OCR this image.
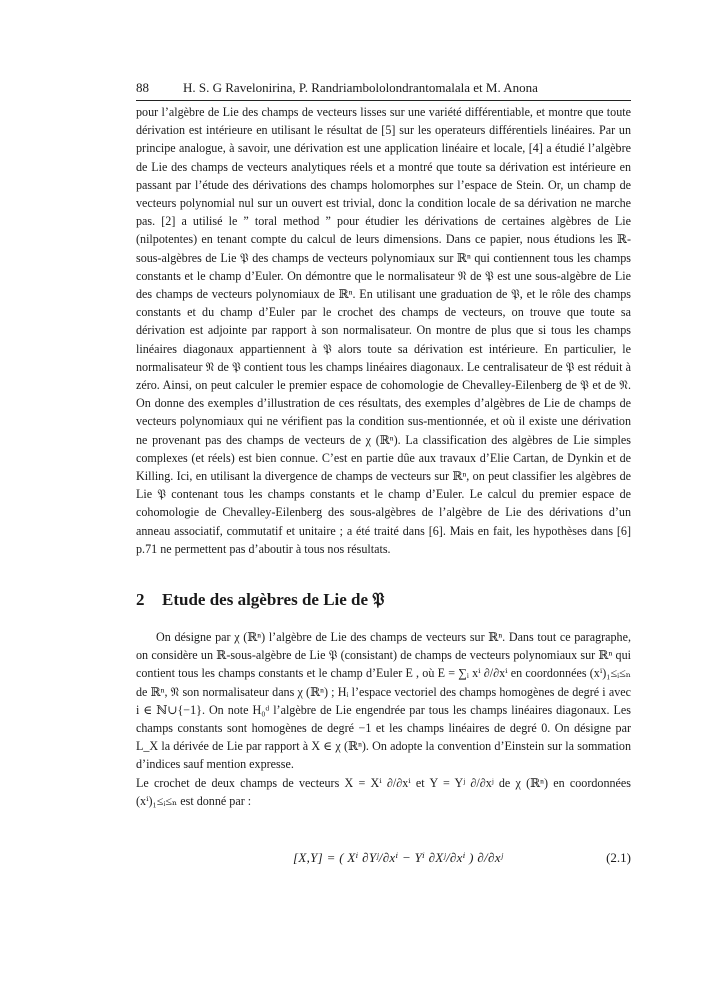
88	H. S. G Ravelonirina, P. Randriambololondrantomalala et M. Anona

pour l’algèbre de Lie des champs de vecteurs lisses sur une variété différentiable, et montre que toute dérivation est intérieure en utilisant le résultat de [5] sur les operateurs différentiels linéaires. Par un principe analogue, à savoir, une dérivation est une application linéaire et locale, [4] a étudié l’algèbre de Lie des champs de vecteurs analytiques réels et a montré que toute sa dérivation est intérieure en passant par l’étude des dérivations des champs holomorphes sur l’espace de Stein. Or, un champ de vecteurs polynomial nul sur un ouvert est trivial, donc la condition locale de sa dérivation ne marche pas. [2] a utilisé le ” toral method ” pour étudier les dérivations de certaines algèbres de Lie (nilpotentes) en tenant compte du calcul de leurs dimensions. Dans ce papier, nous étudions les ℝ-sous-algèbres de Lie 𝔓 des champs de vecteurs polynomiaux sur ℝⁿ qui contiennent tous les champs constants et le champ d’Euler. On démontre que le normalisateur 𝔑 de 𝔓 est une sous-algèbre de Lie des champs de vecteurs polynomiaux de ℝⁿ. En utilisant une graduation de 𝔓, et le rôle des champs constants et du champ d’Euler par le crochet des champs de vecteurs, on trouve que toute sa dérivation est adjointe par rapport à son normalisateur. On montre de plus que si tous les champs linéaires diagonaux appartiennent à 𝔓 alors toute sa dérivation est intérieure. En particulier, le normalisateur 𝔑 de 𝔓 contient tous les champs linéaires diagonaux. Le centralisateur de 𝔓 est réduit à zéro. Ainsi, on peut calculer le premier espace de cohomologie de Chevalley-Eilenberg de 𝔓 et de 𝔑. On donne des exemples d’illustration de ces résultats, des exemples d’algèbres de Lie de champs de vecteurs polynomiaux qui ne vérifient pas la condition sus-mentionnée, et où il existe une dérivation ne provenant pas des champs de vecteurs de χ (ℝⁿ). La classification des algèbres de Lie simples complexes (et réels) est bien connue. C’est en partie dûe aux travaux d’Elie Cartan, de Dynkin et de Killing. Ici, en utilisant la divergence de champs de vecteurs sur ℝⁿ, on peut classifier les algèbres de Lie 𝔓 contenant tous les champs constants et le champ d’Euler. Le calcul du premier espace de cohomologie de Chevalley-Eilenberg des sous-algèbres de l’algèbre de Lie des dérivations d’un anneau associatif, commutatif et unitaire ; a été traité dans [6]. Mais en fait, les hypothèses dans [6] p.71 ne permettent pas d’aboutir à tous nos résultats.

2 Etude des algèbres de Lie de 𝔓

On désigne par χ (ℝⁿ) l’algèbre de Lie des champs de vecteurs sur ℝⁿ. Dans tout ce paragraphe, on considère un ℝ-sous-algèbre de Lie 𝔓 (consistant) de champs de vecteurs polynomiaux sur ℝⁿ qui contient tous les champs constants et le champ d’Euler E , où E = ∑ᵢ xⁱ ∂/∂xⁱ en coordonnées (xⁱ)₁≤ᵢ≤ₙ de ℝⁿ, 𝔑 son normalisateur dans χ (ℝⁿ) ; Hᵢ l’espace vectoriel des champs homogènes de degré i avec i ∈ ℕ∪{−1}. On note H₀ᵈ l’algèbre de Lie engendrée par tous les champs linéaires diagonaux. Les champs constants sont homogènes de degré −1 et les champs linéaires de degré 0. On désigne par L_X la dérivée de Lie par rapport à X ∈ χ (ℝⁿ). On adopte la convention d’Einstein sur la sommation d’indices sauf mention expresse.

Le crochet de deux champs de vecteurs X = Xⁱ ∂/∂xⁱ et Y = Yʲ ∂/∂xʲ de χ (ℝⁿ) en coordonnées (xⁱ)₁≤ᵢ≤ₙ est donné par :

[X,Y] = ( Xⁱ ∂Yʲ/∂xⁱ − Yⁱ ∂Xʲ/∂xⁱ ) ∂/∂xʲ	(2.1)
